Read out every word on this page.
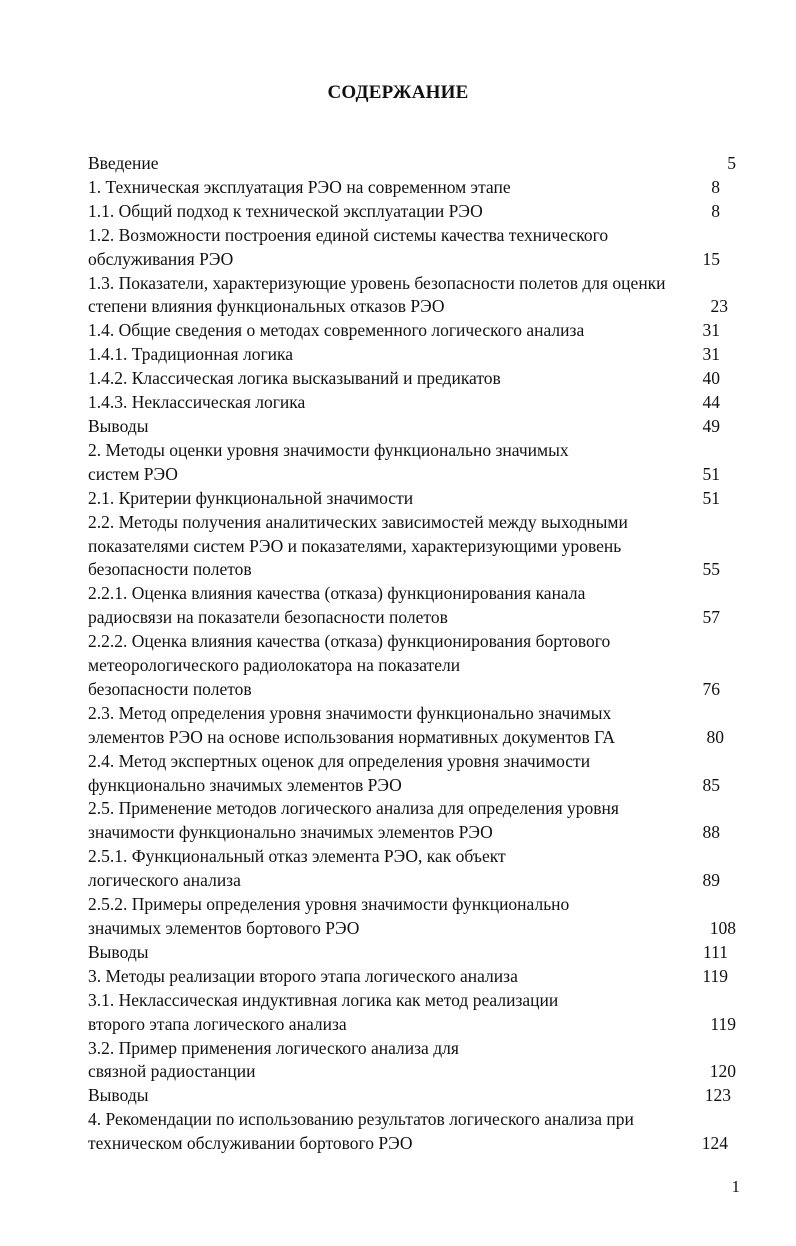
СОДЕРЖАНИЕ
Введение	5
1. Техническая эксплуатация РЭО на современном этапе	8
1.1. Общий подход к технической эксплуатации РЭО	8
1.2. Возможности построения единой системы качества технического
обслуживания РЭО	15
1.3. Показатели, характеризующие уровень безопасности полетов для оценки
степени влияния функциональных отказов РЭО	23
1.4. Общие сведения о методах современного логического анализа	31
1.4.1. Традиционная логика	31
1.4.2. Классическая логика высказываний и предикатов	40
1.4.3. Неклассическая логика	44
Выводы	49
2. Методы оценки уровня значимости функционально значимых
систем РЭО	51
2.1. Критерии функциональной значимости	51
2.2. Методы получения аналитических зависимостей между выходными
показателями систем РЭО и показателями, характеризующими уровень
безопасности полетов	55
2.2.1. Оценка влияния качества (отказа) функционирования канала
радиосвязи на показатели безопасности полетов	57
2.2.2. Оценка влияния качества (отказа) функционирования бортового
метеорологического радиолокатора на показатели
безопасности полетов	76
2.3. Метод определения уровня значимости функционально значимых
элементов РЭО на основе использования нормативных документов ГА	80
2.4. Метод экспертных оценок для определения уровня значимости
функционально значимых элементов РЭО	85
2.5. Применение методов логического анализа для определения уровня
значимости функционально значимых элементов РЭО	88
2.5.1. Функциональный отказ элемента РЭО, как объект
логического анализа	89
2.5.2. Примеры определения уровня значимости функционально
значимых элементов бортового РЭО	108
Выводы	111
3. Методы реализации второго этапа логического анализа	119
3.1. Неклассическая индуктивная логика как метод реализации
второго этапа логического анализа	119
3.2. Пример применения логического анализа для
связной радиостанции	120
Выводы	123
4. Рекомендации по использованию результатов логического анализа при
техническом обслуживании бортового РЭО	124
1
